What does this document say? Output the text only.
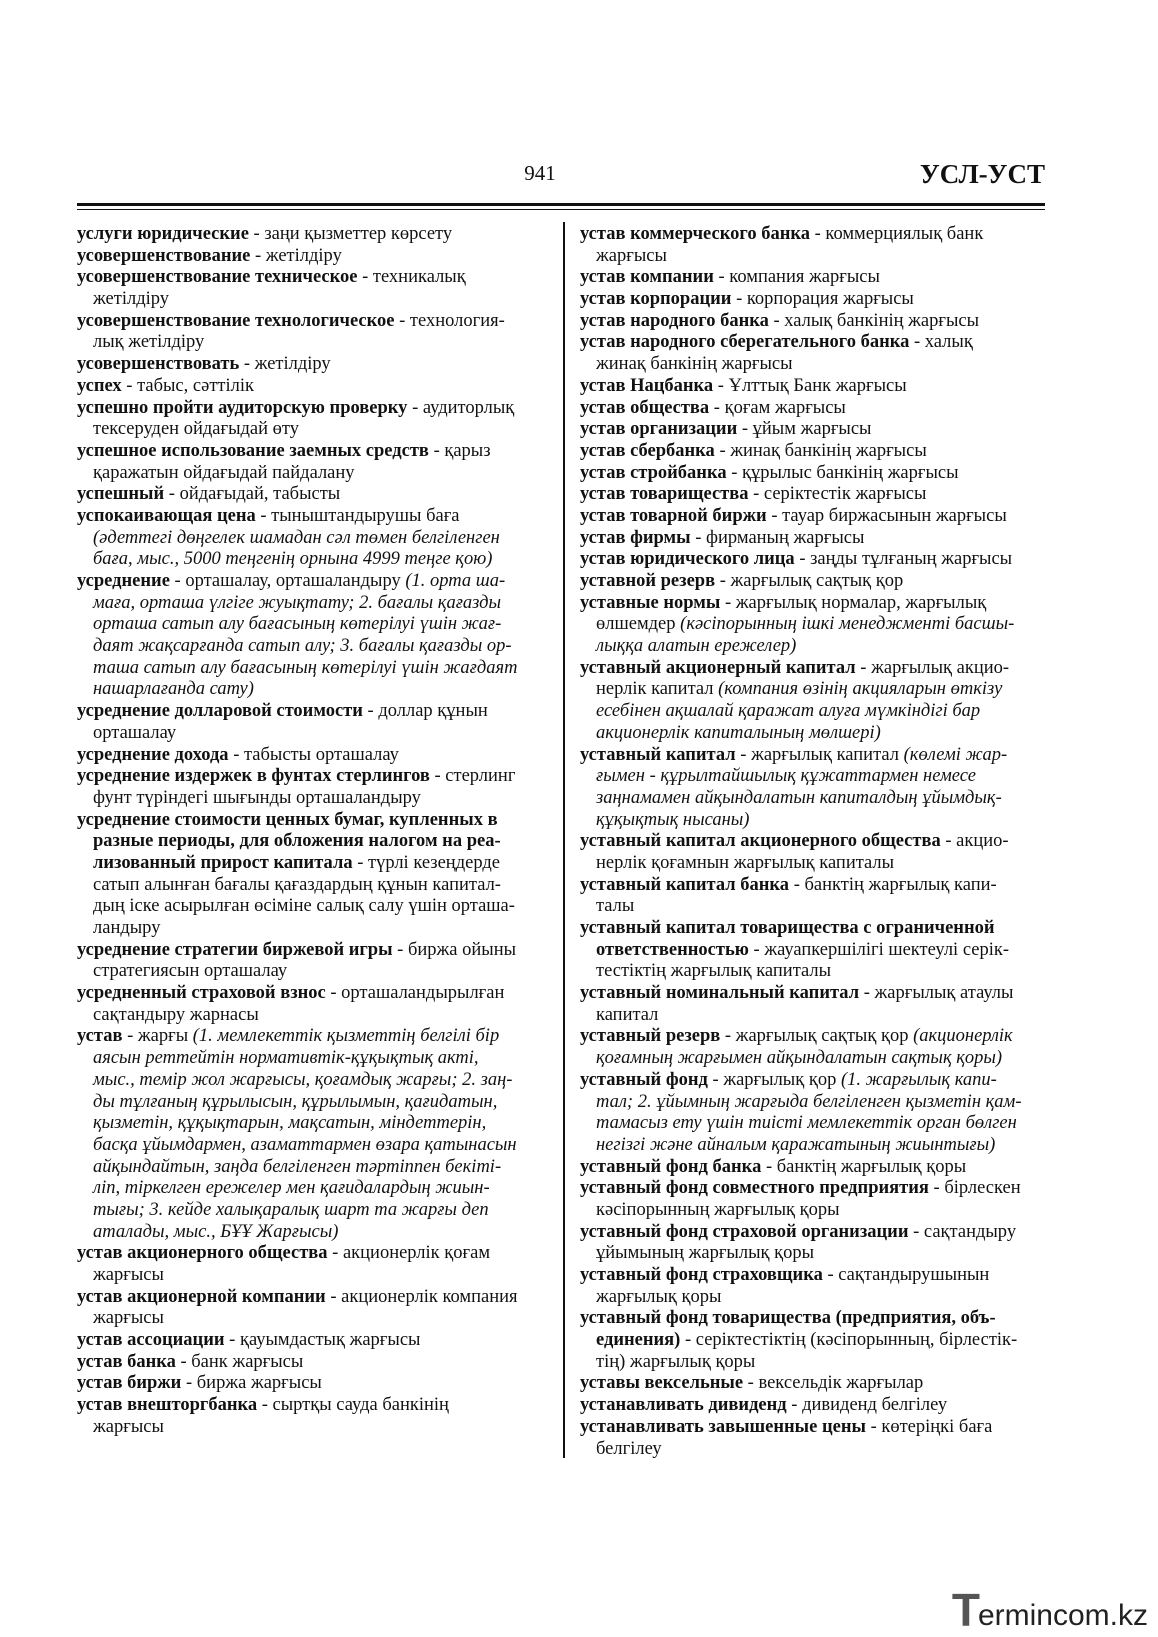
941	УСЛ-УСТ
услуги юридические - заңи қызметтер көрсету
усовершенствование - жетілдіру
усовершенствование техническое - техникалық
жетілдіру
усовершенствование технологическое - технология-
лық жетілдіру
усовершенствовать - жетілдіру
успех - табыс, сәттілік
успешно пройти аудиторскую проверку - аудиторлық
тексеруден ойдағыдай өту
успешное использование заемных средств - қарыз
қаражатын ойдағыдай пайдалану
успешный - ойдағыдай, табысты
успокаивающая цена - тыныштандырушы баға
(әдеттегі дөңгелек шамадан сәл төмен белгіленген
баға, мыс., 5000 теңгенің орнына 4999 теңге қою)
усреднение - орташалау, орташаландыру (1. орта ша-
маға, орташа үлгіге жуықтату; 2. бағалы қағазды
орташа сатып алу бағасының көтерілуі үшін жағ-
даят жақсарғанда сатып алу; 3. бағалы қағазды ор-
таша сатып алу бағасының көтерілуі үшін жағдаят
нашарлағанда сату)
усреднение долларовой стоимости - доллар құнын
орташалау
усреднение дохода - табысты орташалау
усреднение издержек в фунтах стерлингов - стерлинг
фунт түріндегі шығынды орташаландыру
усреднение стоимости ценных бумаг, купленных в
разные периоды, для обложения налогом на реа-
лизованный прирост капитала - түрлі кезеңдерде
сатып алынған бағалы қағаздардың құнын капитал-
дың іске асырылған өсіміне салық салу үшін орташа-
ландыру
усреднение стратегии биржевой игры - биржа ойыны
стратегиясын орташалау
усредненный страховой взнос - орташаландырылған
сақтандыру жарнасы
устав - жарғы (1. мемлекеттік қызметтің белгілі бір
аясын реттейтін нормативтік-құқықтық акті,
мыс., темір жол жарғысы, қоғамдық жарғы; 2. заң-
ды тұлғаның құрылысын, құрылымын, қағидатын,
қызметін, құқықтарын, мақсатын, міндеттерін,
басқа ұйымдармен, азаматтармен өзара қатынасын
айқындайтын, заңда белгіленген тәртіппен бекіті-
ліп, тіркелген ережелер мен қағидалардың жиын-
тығы; 3. кейде халықаралық шарт та жарғы деп
аталады, мыс., БҰҰ Жарғысы)
устав акционерного общества - акционерлік қоғам
жарғысы
устав акционерной компании - акционерлік компания
жарғысы
устав ассоциации - қауымдастық жарғысы
устав банка - банк жарғысы
устав биржи - биржа жарғысы
устав внешторгбанка - сыртқы сауда банкінің
жарғысы
устав коммерческого банка - коммерциялық банк
жарғысы
устав компании - компания жарғысы
устав корпорации - корпорация жарғысы
устав народного банка - халық банкінің жарғысы
устав народного сберегательного банка - халық
жинақ банкінің жарғысы
устав Нацбанка - Ұлттық Банк жарғысы
устав общества - қоғам жарғысы
устав организации - ұйым жарғысы
устав сбербанка - жинақ банкінің жарғысы
устав стройбанка - құрылыс банкінің жарғысы
устав товарищества - серіктестік жарғысы
устав товарной биржи - тауар биржасынын жарғысы
устав фирмы - фирманың жарғысы
устав юридического лица - заңды тұлғаның жарғысы
уставной резерв - жарғылық сақтық қор
уставные нормы - жарғылық нормалар, жарғылық
өлшемдер (кәсіпорынның ішкі менеджменті басшы-
лыққа алатын ережелер)
уставный акционерный капитал - жарғылық акцио-
нерлік капитал (компания өзінің акцияларын өткізу
есебінен ақшалай қаражат алуға мүмкіндігі бар
акционерлік капиталының мөлшері)
уставный капитал - жарғылық капитал (көлемі жар-
ғымен - құрылтайшылық құжаттармен немесе
заңнамамен айқындалатын капиталдың ұйымдық-
құқықтық нысаны)
уставный капитал акционерного общества - акцио-
нерлік қоғамнын жарғылық капиталы
уставный капитал банка - банктің жарғылық капи-
талы
уставный капитал товарищества с ограниченной
ответственностью - жауапкершілігі шектеулі серік-
тестіктің жарғылық капиталы
уставный номинальный капитал - жарғылық атаулы
капитал
уставный резерв - жарғылық сақтық қор (акционерлік
қоғамның жарғымен айқындалатын сақтық қоры)
уставный фонд - жарғылық қор (1. жарғылық капи-
тал; 2. ұйымның жарғыда белгіленген қызметін қам-
тамасыз ету үшін тиісті мемлекеттік орган бөлген
негізгі және айналым қаражатының жиынтығы)
уставный фонд банка - банктің жарғылық қоры
уставный фонд совместного предприятия - бірлескен
кәсіпорынның жарғылық қоры
уставный фонд страховой организации - сақтандыру
ұйымының жарғылық қоры
уставный фонд страховщика - сақтандырушынын
жарғылық қоры
уставный фонд товарищества (предприятия, объ-
единения) - серіктестіктің (кәсіпорынның, бірлестік-
тің) жарғылық қоры
уставы вексельные - вексельдік жарғылар
устанавливать дивиденд - дивиденд белгілеу
устанавливать завышенные цены - көтеріңкі баға
белгілеу
Termincom.kz
